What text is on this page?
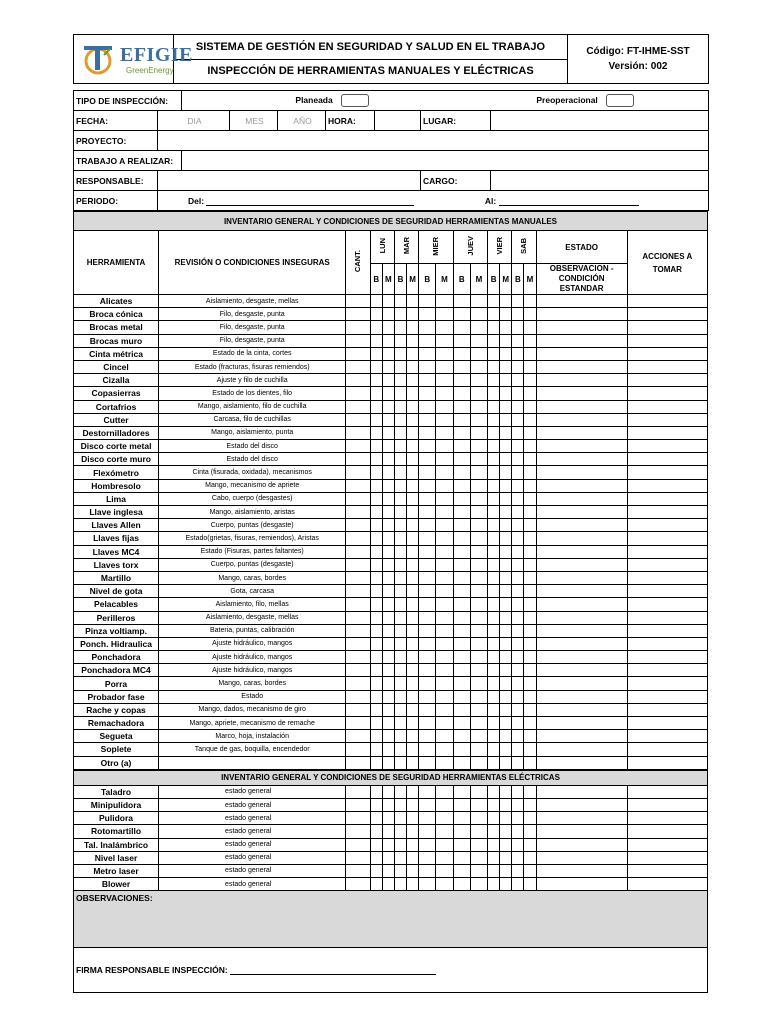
EFIGIE
GreenEnergy
	SISTEMA DE GESTIÓN EN SEGURIDAD Y SALUD EN EL TRABAJO	Código: FT-IHME-SST
Versión: 002

INSPECCIÓN DE HERRAMIENTAS MANUALES Y ELÉCTRICAS
TIPO DE INSPECCIÓN:	Planeada	Preoperacional
FECHA:	DIA	MES	AÑO	HORA:	
		LUGAR:	
PROYECTO:	
TRABAJO A REALIZAR:	
RESPONSABLE:		CARGO:	
PERIODO:	Del:	Al:
INVENTARIO GENERAL Y CONDICIONES DE SEGURIDAD HERRAMIENTAS MANUALES																
HERRAMIENTA	REVISIÓN O CONDICIONES INSEGURAS	CANT.	LUN		MAR		MIER		JUEV		VIER		SAB		ESTADO	ACCIONES A TOMAR
			B	M	B	M	B	M	B	M	B	M	B	M	OBSERVACION - CONDICIÓN ESTANDAR	
Alicates	Aislamiento, desgaste, mellas															
Broca cónica	Filo, desgaste, punta															
Brocas metal	Filo, desgaste, punta															
Brocas muro	Filo, desgaste, punta															
Cinta métrica	Estado de la cinta, cortes															
Cincel	Estado (fracturas, fisuras remiendos)															
Cizalla	Ajuste y filo de cuchilla															
Copasierras	Estado de los dientes, filo															
Cortafrios	Mango, aislamiento, filo de cuchilla															
Cutter	Carcasa, filo de cuchillas															
Destornilladores	Mango, aislamiento, punta															
Disco corte metal	Estado del disco															
Disco corte muro	Estado del disco															
Flexómetro	Cinta (fisurada, oxidada), mecanismos															
Hombresolo	Mango, mecanismo de apriete															
Lima	Cabo, cuerpo (desgastes)															
Llave inglesa	Mango, aislamiento, aristas															
Llaves Allen	Cuerpo, puntas (desgaste)															
Llaves fijas	Estado(grietas, fisuras, remiendos), Aristas															
Llaves MC4	Estado (Fisuras, partes faltantes)															
Llaves torx	Cuerpo, puntas (desgaste)															
Martillo	Mango, caras, bordes															
Nivel de gota	Gota, carcasa															
Pelacables	Aislamiento, filo, mellas															
Perilleros	Aislamiento, desgaste, mellas															
Pinza voltiamp.	Bateria, puntas, calibración															
Ponch. Hidraulica	Ajuste hidráulico, mangos															
Ponchadora	Ajuste hidráulico, mangos															
Ponchadora MC4	Ajuste hidráulico, mangos															
Porra	Mango, caras, bordes															
Probador fase	Estado															
Rache y copas	Mango, dados, mecanismo de giro															
Remachadora	Mango, apriete, mecanismo de remache															
Segueta	Marco, hoja, instalación															
Soplete	Tanque de gas, boquilla, encendedor															
Otro (a)																
INVENTARIO GENERAL Y CONDICIONES DE SEGURIDAD HERRAMIENTAS ELÉCTRICAS																
Taladro	estado general															
Minipulidora	estado general															
Pulidora	estado general															
Rotomartillo	estado general															
Tal. Inalámbrico	estado general															
Nivel laser	estado general															
Metro laser	estado general															
Blower	estado general															
OBSERVACIONES:																
FIRMA RESPONSABLE INSPECCIÓN:																
